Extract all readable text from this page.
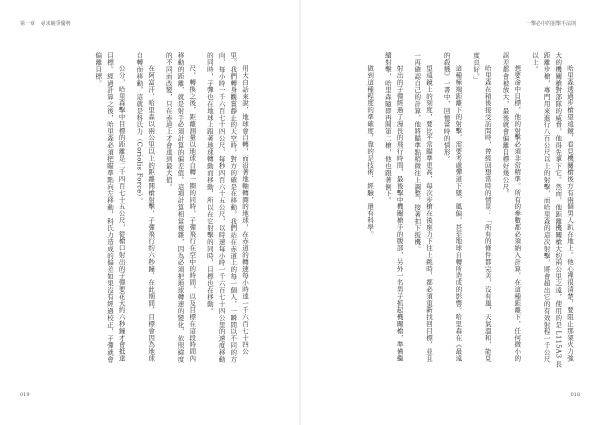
第一章 尋求競爭優勢

用大白話來說，地球會自轉，而沿著地軸轉圈的地球，在赤道的轉速每小時達一千六百七十四公里。我們轉身觀賞靜止的天空時，對方的確是在移動，我們站在赤道上的每一個人，一瞬間以不同的方向，每小時一千六百七十四公尺、每秒四百六十五公尺，以時速每小時一千六百七十四公里的速度移動的同時，子彈也在地球上跟著地球轉動而移動，所以在它射擊的同時，目標也在移動。

尺，轉換之後，距離測量以地球自轉一圈的同時，子彈飛行在空中的時間，以及目標在這段時間內移動的距離，就是射手必須計算的偏差值。這項計算相當複雜，因為必須把地球轉速的變化，依照緯度的不同而改變，只在赤道上才會達到最大值。

在阿富汗，哈里森以兩公里以上的距離開槍射擊，子彈飛行約六秒鐘，在此期間，目標會因為地球自轉而移動，這就是科氏力（Coriolis Force）。

公分，哈里森擊中目標的距離是二千四百七十五公尺，從槍口射出的子彈要花大約六秒鐘才會抵達目標。經過計算之後，哈里森必須把瞄準點向左移動，科氏力造成的偏差如果沒有經過校正，子彈就會偏離目標。

019
一擊必中的狙擊手法則

哈里森透過步槍望遠鏡，看見機關槍後方有兩個男人趴在地上。他心裡很清楚，要阻止那架火力強大的機關槍對部隊的威脅，他得先拿下它。然而，他距離機關槍大約兩公里之遠，使用的是 L115A3 長距離步槍，專門用來進行八百公尺以上的射擊，而哈里森的這次射擊，將會超出它的有效射程一千公尺以上。

想要命中目標，他的射擊必須非常精準。所有的參數都必須納入計算，在這種距離下，任何微小的誤差都會被放大，最後就會偏離目標好幾公尺。

哈里森在稍後接受訪問時，曾經回想當時的情景：「所有的條件都完美，沒有風，天氣溫和，能見度良好。」

這種極端距離下的射擊，需要考慮彈道下墜、風偏，甚至地球自轉所造成的影響。哈里森在《最遠的殺戮》一書中，回憶當時的情形。

望遠鏡上的刻度，要比平常瞄準更高，每次步槍在後座力下往上跳時，都必須重新找回目標，並且一再確認自己的計算，他將瞄準點稍微往上調整，接著扣下扳機。

射出的子彈經過了漫長的飛行時間，最後擊中機關槍手的腹部，另外一名男子抓起機關槍，準備繼續射擊，哈里森隨即再開第二槍，他也跟著倒下。

做到這種程度的準確度，靠的是技術、經驗，還有科學。

018
